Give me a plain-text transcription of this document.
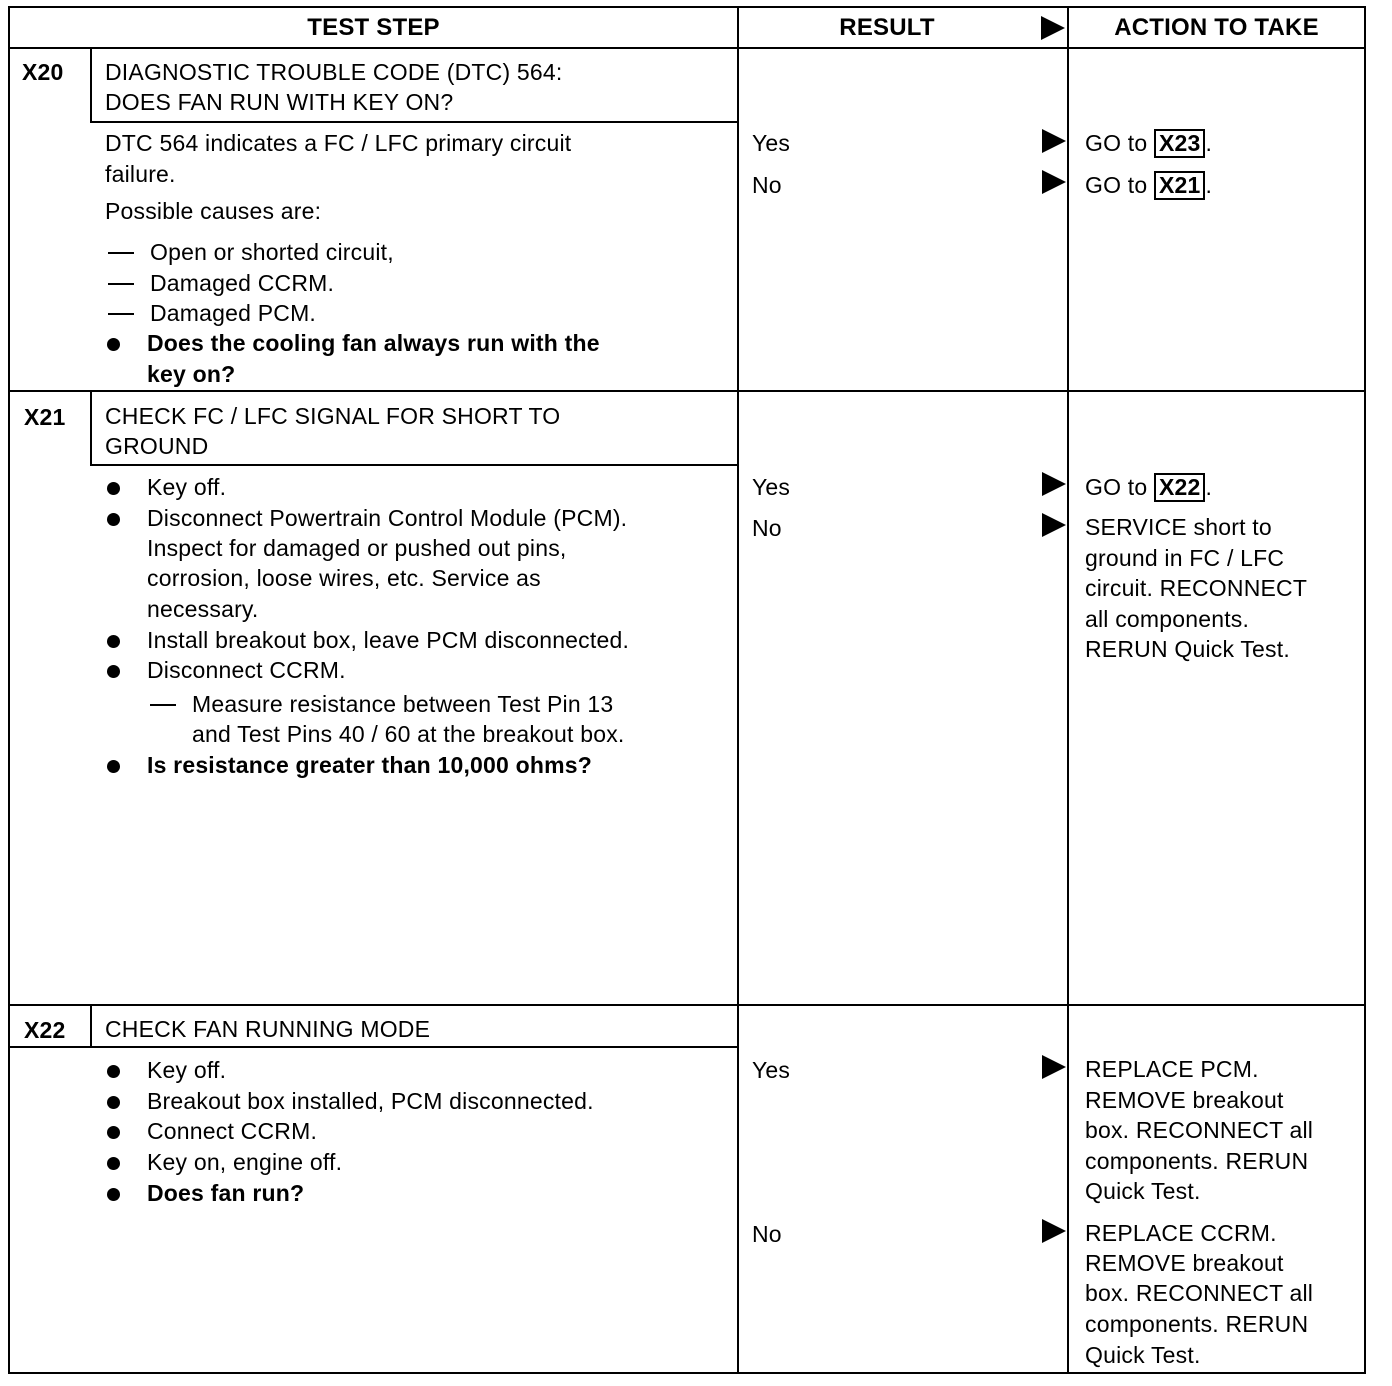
TEST STEP	RESULT	ACTION TO TAKE
X20 DIAGNOSTIC TROUBLE CODE (DTC) 564:
DOES FAN RUN WITH KEY ON?
DTC 564 indicates a FC / LFC primary circuit
failure.
Possible causes are:
Open or shorted circuit,
Damaged CCRM.
Damaged PCM.
Does the cooling fan always run with the
key on?
Yes	GO to X23 .
No	GO to X21 .
X21 CHECK FC / LFC SIGNAL FOR SHORT TO
GROUND
Key off.
Disconnect Powertrain Control Module (PCM).
Inspect for damaged or pushed out pins,
corrosion, loose wires, etc. Service as
necessary.
Install breakout box, leave PCM disconnected.
Disconnect CCRM.
Measure resistance between Test Pin 13
and Test Pins 40 / 60 at the breakout box.
Is resistance greater than 10,000 ohms?
Yes	GO to X22 .
No	SERVICE short to
ground in FC / LFC
circuit. RECONNECT
all components.
RERUN Quick Test.
X22 CHECK FAN RUNNING MODE
Key off.
Breakout box installed, PCM disconnected.
Connect CCRM.
Key on, engine off.
Does fan run?
Yes	REPLACE PCM.
REMOVE breakout
box. RECONNECT all
components. RERUN
Quick Test.
No	REPLACE CCRM.
REMOVE breakout
box. RECONNECT all
components. RERUN
Quick Test.
